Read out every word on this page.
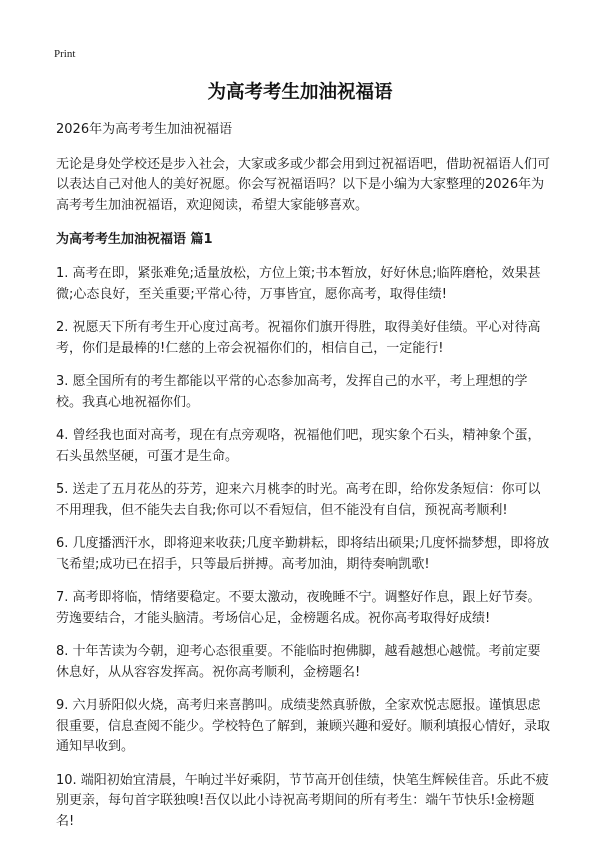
Print
为高考考生加油祝福语

2026年为高考考生加油祝福语

无论是身处学校还是步入社会，大家或多或少都会用到过祝福语吧，借助祝福语人们可以表达自己对他人的美好祝愿。你会写祝福语吗？以下是小编为大家整理的2026年为高考考生加油祝福语，欢迎阅读，希望大家能够喜欢。

为高考考生加油祝福语 篇1

1. 高考在即，紧张难免;适量放松，方位上策;书本暂放，好好休息;临阵磨枪，效果甚微;心态良好，至关重要;平常心待，万事皆宜，愿你高考，取得佳绩!

2. 祝愿天下所有考生开心度过高考。祝福你们旗开得胜，取得美好佳绩。平心对待高考，你们是最棒的!仁慈的上帝会祝福你们的，相信自己，一定能行!

3. 愿全国所有的考生都能以平常的心态参加高考，发挥自己的水平，考上理想的学校。我真心地祝福你们。

4. 曾经我也面对高考，现在有点旁观咯，祝福他们吧，现实象个石头，精神象个蛋，石头虽然坚硬，可蛋才是生命。

5. 送走了五月花丛的芬芳，迎来六月桃李的时光。高考在即，给你发条短信：你可以不用理我，但不能失去自我;你可以不看短信，但不能没有自信，预祝高考顺利!

6. 几度播洒汗水，即将迎来收获;几度辛勤耕耘，即将结出硕果;几度怀揣梦想，即将放飞希望;成功已在招手，只等最后拼搏。高考加油，期待奏响凯歌!

7. 高考即将临，情绪要稳定。不要太激动，夜晚睡不宁。调整好作息，跟上好节奏。劳逸要结合，才能头脑清。考场信心足，金榜题名成。祝你高考取得好成绩!

8. 十年苦读为今朝，迎考心态很重要。不能临时抱佛脚，越看越想心越慌。考前定要休息好，从从容容发挥高。祝你高考顺利，金榜题名!

9. 六月骄阳似火烧，高考归来喜鹊叫。成绩斐然真骄傲，全家欢悦志愿报。谨慎思虑很重要，信息查阅不能少。学校特色了解到，兼顾兴趣和爱好。顺利填报心情好，录取通知早收到。

10. 端阳初始宜清晨，午晌过半好乘阴，节节高开创佳绩，快笔生辉候佳音。乐此不疲别更亲，每句首字联独嗅!吾仅以此小诗祝高考期间的所有考生：端午节快乐!金榜题名!
